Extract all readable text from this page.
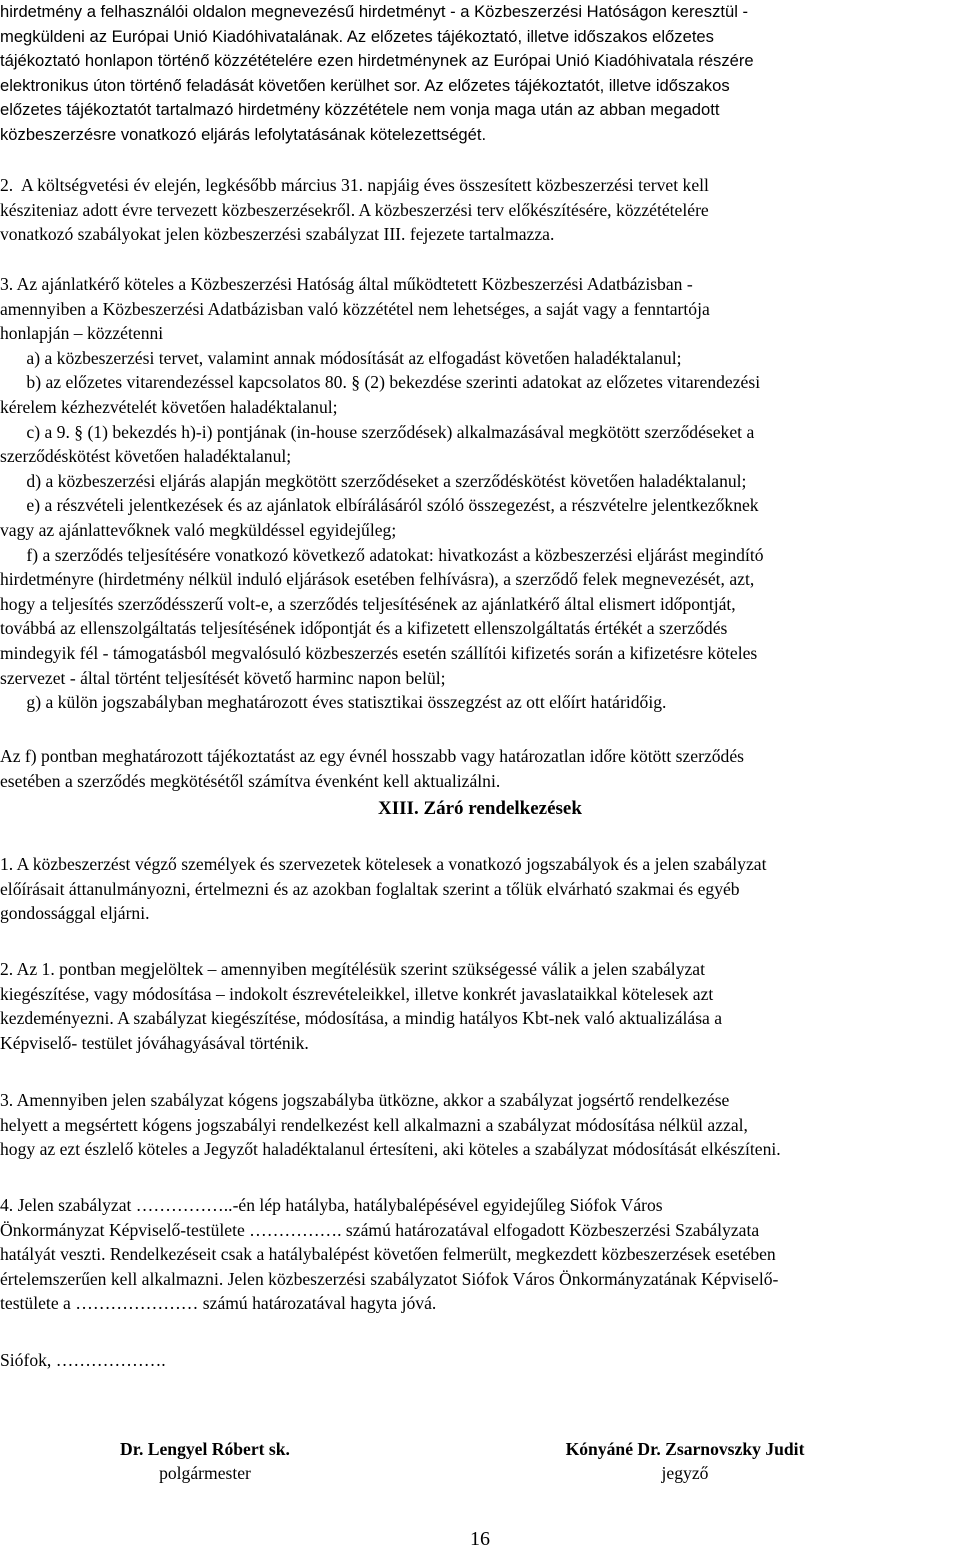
hirdetmény a felhasználói oldalon megnevezésű hirdetményt - a Közbeszerzési Hatóságon keresztül -
megküldeni az Európai Unió Kiadóhivatalának. Az előzetes tájékoztató, illetve időszakos előzetes
tájékoztató honlapon történő közzétételére ezen hirdetménynek az Európai Unió Kiadóhivatala részére
elektronikus úton történő feladását követően kerülhet sor. Az előzetes tájékoztatót, illetve időszakos
előzetes tájékoztatót tartalmazó hirdetmény közzététele nem vonja maga után az abban megadott
közbeszerzésre vonatkozó eljárás lefolytatásának kötelezettségét.
2.  A költségvetési év elején, legkésőbb március 31. napjáig éves összesített közbeszerzési tervet kell
késziteniaz adott évre tervezett közbeszerzésekről. A közbeszerzési terv előkészítésére, közzétételére
vonatkozó szabályokat jelen közbeszerzési szabályzat III. fejezete tartalmazza.
3. Az ajánlatkérő köteles a Közbeszerzési Hatóság által működtetett Közbeszerzési Adatbázisban -
amennyiben a Közbeszerzési Adatbázisban való közzététel nem lehetséges, a saját vagy a fenntartója
honlapján – közzétenni
a) a közbeszerzési tervet, valamint annak módosítását az elfogadást követően haladéktalanul;
b) az előzetes vitarendezéssel kapcsolatos 80. § (2) bekezdése szerinti adatokat az előzetes vitarendezési
kérelem kézhezvételét követően haladéktalanul;
c) a 9. § (1) bekezdés h)-i) pontjának (in-house szerződések) alkalmazásával megkötött szerződéseket a
szerződéskötést követően haladéktalanul;
d) a közbeszerzési eljárás alapján megkötött szerződéseket a szerződéskötést követően haladéktalanul;
e) a részvételi jelentkezések és az ajánlatok elbírálásáról szóló összegezést, a részvételre jelentkezőknek
vagy az ajánlattevőknek való megküldéssel egyidejűleg;
f) a szerződés teljesítésére vonatkozó következő adatokat: hivatkozást a közbeszerzési eljárást megindító
hirdetményre (hirdetmény nélkül induló eljárások esetében felhívásra), a szerződő felek megnevezését, azt,
hogy a teljesítés szerződésszerű volt-e, a szerződés teljesítésének az ajánlatkérő által elismert időpontját,
továbbá az ellenszolgáltatás teljesítésének időpontját és a kifizetett ellenszolgáltatás értékét a szerződés
mindegyik fél - támogatásból megvalósuló közbeszerzés esetén szállítói kifizetés során a kifizetésre köteles
szervezet - által történt teljesítését követő harminc napon belül;
g) a külön jogszabályban meghatározott éves statisztikai összegzést az ott előírt határidőig.
Az f) pontban meghatározott tájékoztatást az egy évnél hosszabb vagy határozatlan időre kötött szerződés
esetében a szerződés megkötésétől számítva évenként kell aktualizálni.
XIII. Záró rendelkezések
1. A közbeszerzést végző személyek és szervezetek kötelesek a vonatkozó jogszabályok és a jelen szabályzat
előírásait áttanulmányozni, értelmezni és az azokban foglaltak szerint a tőlük elvárható szakmai és egyéb
gondossággal eljárni.
2. Az 1. pontban megjelöltek – amennyiben megítélésük szerint szükségessé válik a jelen szabályzat
kiegészítése, vagy módosítása – indokolt észrevételeikkel, illetve konkrét javaslataikkal kötelesek azt
kezdeményezni. A szabályzat kiegészítése, módosítása, a mindig hatályos Kbt-nek való aktualizálása a
Képviselő- testület jóváhagyásával történik.
3. Amennyiben jelen szabályzat kógens jogszabályba ütközne, akkor a szabályzat jogsértő rendelkezése
helyett a megsértett kógens jogszabályi rendelkezést kell alkalmazni a szabályzat módosítása nélkül azzal,
hogy az ezt észlelő köteles a Jegyzőt haladéktalanul értesíteni, aki köteles a szabályzat módosítását elkészíteni.
4. Jelen szabályzat ……………..-én lép hatályba, hatálybalépésével egyidejűleg Siófok Város
Önkormányzat Képviselő-testülete ……………. számú határozatával elfogadott Közbeszerzési Szabályzata
hatályát veszti. Rendelkezéseit csak a hatálybalépést követően felmerült, megkezdett közbeszerzések esetében
értelemszerűen kell alkalmazni. Jelen közbeszerzési szabályzatot Siófok Város Önkormányzatának Képviselő-
testülete a ………………… számú határozatával hagyta jóvá.
Siófok, ……………….
Dr. Lengyel Róbert sk.
polgármester
Kónyáné Dr. Zsarnovszky Judit
jegyző
16
